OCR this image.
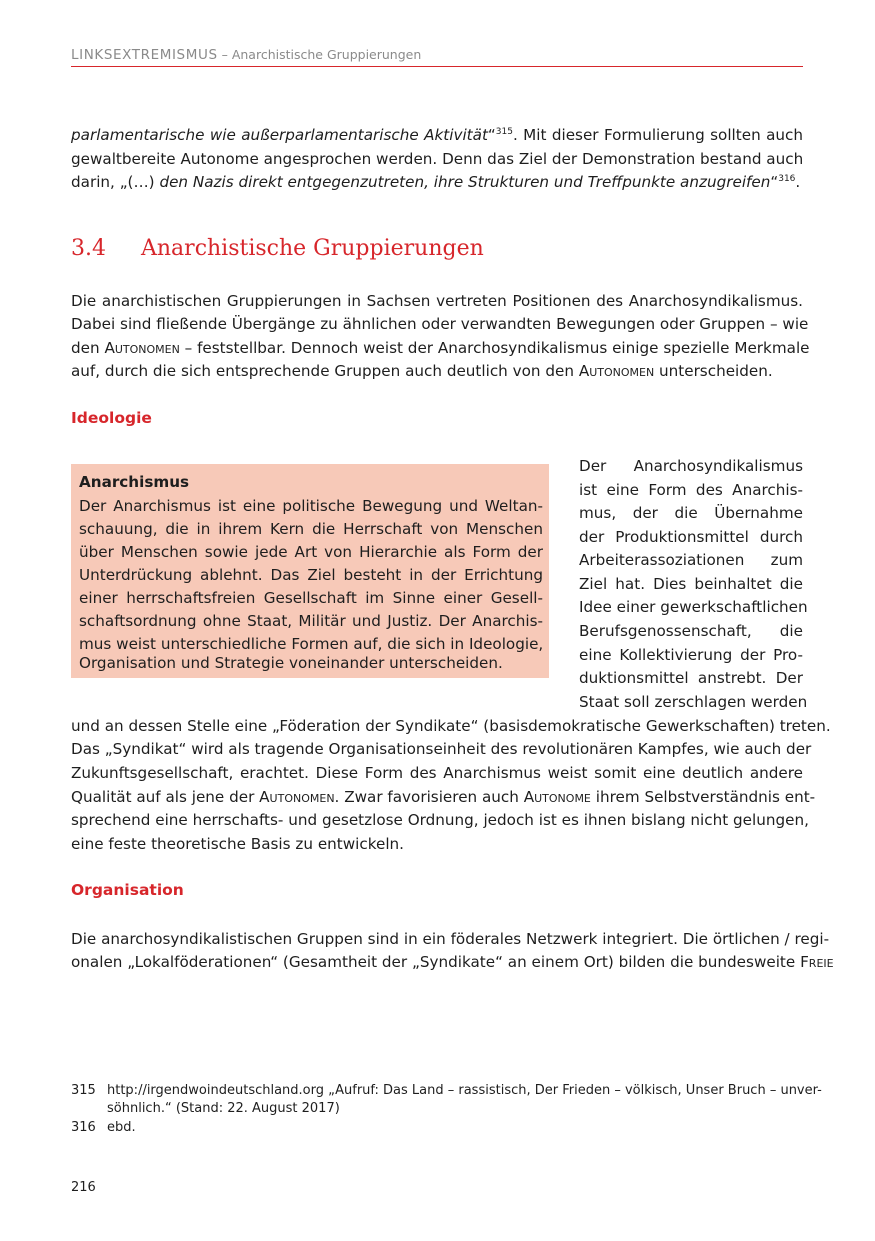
LINKSEXTREMISMUS – Anarchistische Gruppierungen
parlamentarische wie außerparlamentarische Aktivität“$^{315}$. Mit dieser Formulierung sollten auch
gewaltbereite Autonome angesprochen werden. Denn das Ziel der Demonstration bestand auch
darin, „(…) den Nazis direkt entgegenzutreten, ihre Strukturen und Treffpunkte anzugreifen“$^{316}$.
3.4 Anarchistische Gruppierungen
Die anarchistischen Gruppierungen in Sachsen vertreten Positionen des Anarchosyndikalismus.
Dabei sind fließende Übergänge zu ähnlichen oder verwandten Bewegungen oder Gruppen – wie
den Autonomen – feststellbar. Dennoch weist der Anarchosyndikalismus einige spezielle Merkmale
auf, durch die sich entsprechende Gruppen auch deutlich von den Autonomen unterscheiden.
Ideologie
Anarchismus
Der Anarchismus ist eine politische Bewegung und Weltan-
schauung, die in ihrem Kern die Herrschaft von Menschen
über Menschen sowie jede Art von Hierarchie als Form der
Unterdrückung ablehnt. Das Ziel besteht in der Errichtung
einer herrschaftsfreien Gesellschaft im Sinne einer Gesell-
schaftsordnung ohne Staat, Militär und Justiz. Der Anarchis-
mus weist unterschiedliche Formen auf, die sich in Ideologie,
Organisation und Strategie voneinander unterscheiden.
Der Anarchosyndikalismus
ist eine Form des Anarchis-
mus, der die Übernahme
der Produktionsmittel durch
Arbeiterassoziationen zum
Ziel hat. Dies beinhaltet die
Idee einer gewerkschaftlichen
Berufsgenossenschaft, die
eine Kollektivierung der Pro-
duktionsmittel anstrebt. Der
Staat soll zerschlagen werden
und an dessen Stelle eine „Föderation der Syndikate“ (basisdemokratische Gewerkschaften) treten.
Das „Syndikat“ wird als tragende Organisationseinheit des revolutionären Kampfes, wie auch der
Zukunftsgesellschaft, erachtet. Diese Form des Anarchismus weist somit eine deutlich andere
Qualität auf als jene der Autonomen. Zwar favorisieren auch Autonome ihrem Selbstverständnis ent-
sprechend eine herrschafts- und gesetzlose Ordnung, jedoch ist es ihnen bislang nicht gelungen,
eine feste theoretische Basis zu entwickeln.
Organisation
Die anarchosyndikalistischen Gruppen sind in ein föderales Netzwerk integriert. Die örtlichen / regi-
onalen „Lokalföderationen“ (Gesamtheit der „Syndikate“ an einem Ort) bilden die bundesweite Freie
315 http://irgendwoindeutschland.org „Aufruf: Das Land – rassistisch, Der Frieden – völkisch, Unser Bruch – unver-
söhnlich.“ (Stand: 22. August 2017)
316 ebd.
216
